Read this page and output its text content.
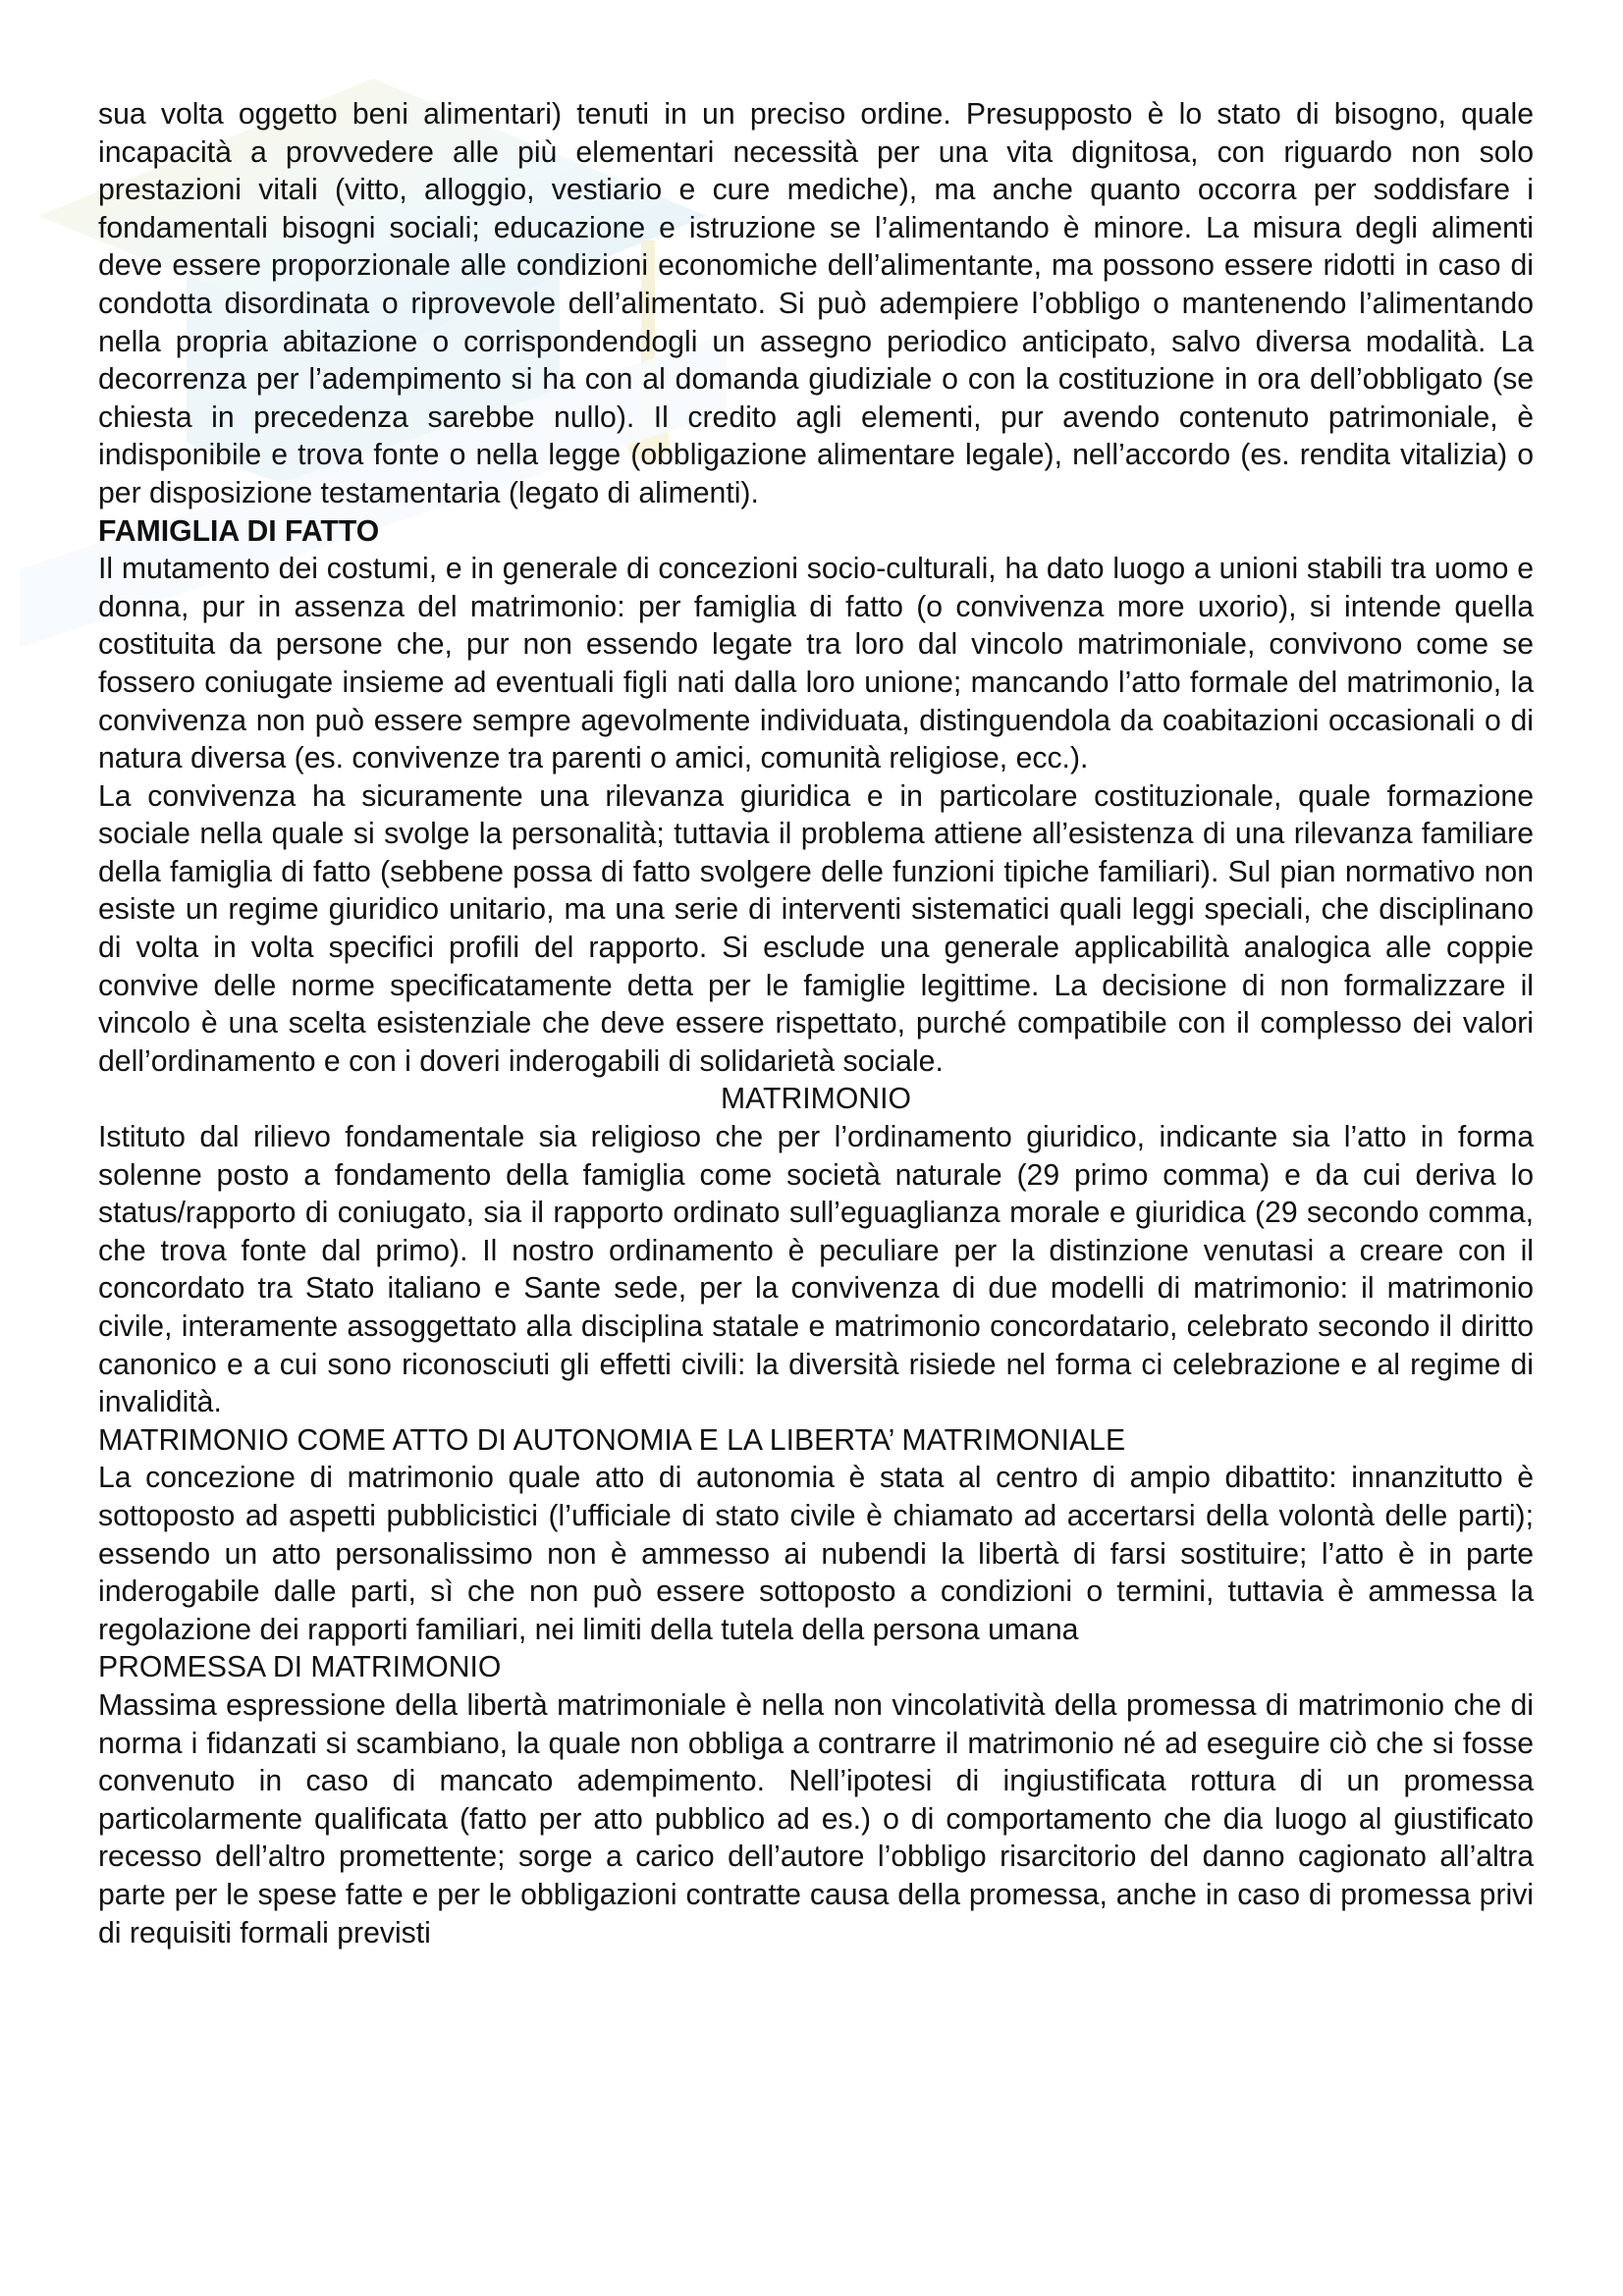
sua volta oggetto beni alimentari) tenuti in un preciso ordine. Presupposto è lo stato di bisogno, quale incapacità a provvedere alle più elementari necessità per una vita dignitosa, con riguardo non solo prestazioni vitali (vitto, alloggio, vestiario e cure mediche), ma anche quanto occorra per soddisfare i fondamentali bisogni sociali; educazione e istruzione se l’alimentando è minore. La misura degli alimenti deve essere proporzionale alle condizioni economiche dell’alimentante, ma possono essere ridotti in caso di condotta disordinata o riprovevole dell’alimentato. Si può adempiere l’obbligo o mantenendo l’alimentando nella propria abitazione o corrispondendogli un assegno periodico anticipato, salvo diversa modalità. La decorrenza per l’adempimento si ha con al domanda giudiziale o con la costituzione in ora dell’obbligato (se chiesta in precedenza sarebbe nullo). Il credito agli elementi, pur avendo contenuto patrimoniale, è indisponibile e trova fonte o nella legge (obbligazione alimentare legale), nell’accordo (es. rendita vitalizia) o per disposizione testamentaria (legato di alimenti).

FAMIGLIA DI FATTO

Il mutamento dei costumi, e in generale di concezioni socio-culturali, ha dato luogo a unioni stabili tra uomo e donna, pur in assenza del matrimonio: per famiglia di fatto (o convivenza more uxorio), si intende quella costituita da persone che, pur non essendo legate tra loro dal vincolo matrimoniale, convivono come se fossero coniugate insieme ad eventuali figli nati dalla loro unione; mancando l’atto formale del matrimonio, la convivenza non può essere sempre agevolmente individuata, distinguendola da coabitazioni occasionali o di natura diversa (es. convivenze tra parenti o amici, comunità religiose, ecc.).

La convivenza ha sicuramente una rilevanza giuridica e in particolare costituzionale, quale formazione sociale nella quale si svolge la personalità; tuttavia il problema attiene all’esistenza di una rilevanza familiare della famiglia di fatto (sebbene possa di fatto svolgere delle funzioni tipiche familiari). Sul pian normativo non esiste un regime giuridico unitario, ma una serie di interventi sistematici quali leggi speciali, che disciplinano di volta in volta specifici profili del rapporto. Si esclude una generale applicabilità analogica alle coppie convive delle norme specificatamente detta per le famiglie legittime. La decisione di non formalizzare il vincolo è una scelta esistenziale che deve essere rispettato, purché compatibile con il complesso dei valori dell’ordinamento e con i doveri inderogabili di solidarietà sociale.

MATRIMONIO

Istituto dal rilievo fondamentale sia religioso che per l’ordinamento giuridico, indicante sia l’atto in forma solenne posto a fondamento della famiglia come società naturale (29 primo comma) e da cui deriva lo status/rapporto di coniugato, sia il rapporto ordinato sull’eguaglianza morale e giuridica (29 secondo comma, che trova fonte dal primo). Il nostro ordinamento è peculiare per la distinzione venutasi a creare con il concordato tra Stato italiano e Sante sede, per la convivenza di due modelli di matrimonio: il matrimonio civile, interamente assoggettato alla disciplina statale e matrimonio concordatario, celebrato secondo il diritto canonico e a cui sono riconosciuti gli effetti civili: la diversità risiede nel forma ci celebrazione e al regime di invalidità.

MATRIMONIO COME ATTO DI AUTONOMIA E LA LIBERTA’ MATRIMONIALE

La concezione di matrimonio quale atto di autonomia è stata al centro di ampio dibattito: innanzitutto è sottoposto ad aspetti pubblicistici (l’ufficiale di stato civile è chiamato ad accertarsi della volontà delle parti); essendo un atto personalissimo non è ammesso ai nubendi la libertà di farsi sostituire; l’atto è in parte inderogabile dalle parti, sì che non può essere sottoposto a condizioni o termini, tuttavia è ammessa la regolazione dei rapporti familiari, nei limiti della tutela della persona umana

PROMESSA DI MATRIMONIO

Massima espressione della libertà matrimoniale è nella non vincolatività della promessa di matrimonio che di norma i fidanzati si scambiano, la quale non obbliga a contrarre il matrimonio né ad eseguire ciò che si fosse convenuto in caso di mancato adempimento. Nell’ipotesi di ingiustificata rottura di un promessa particolarmente qualificata (fatto per atto pubblico ad es.) o di comportamento che dia luogo al giustificato recesso dell’altro promettente; sorge a carico dell’autore l’obbligo risarcitorio del danno cagionato all’altra parte per le spese fatte e per le obbligazioni contratte causa della promessa, anche in caso di promessa privi di requisiti formali previsti
